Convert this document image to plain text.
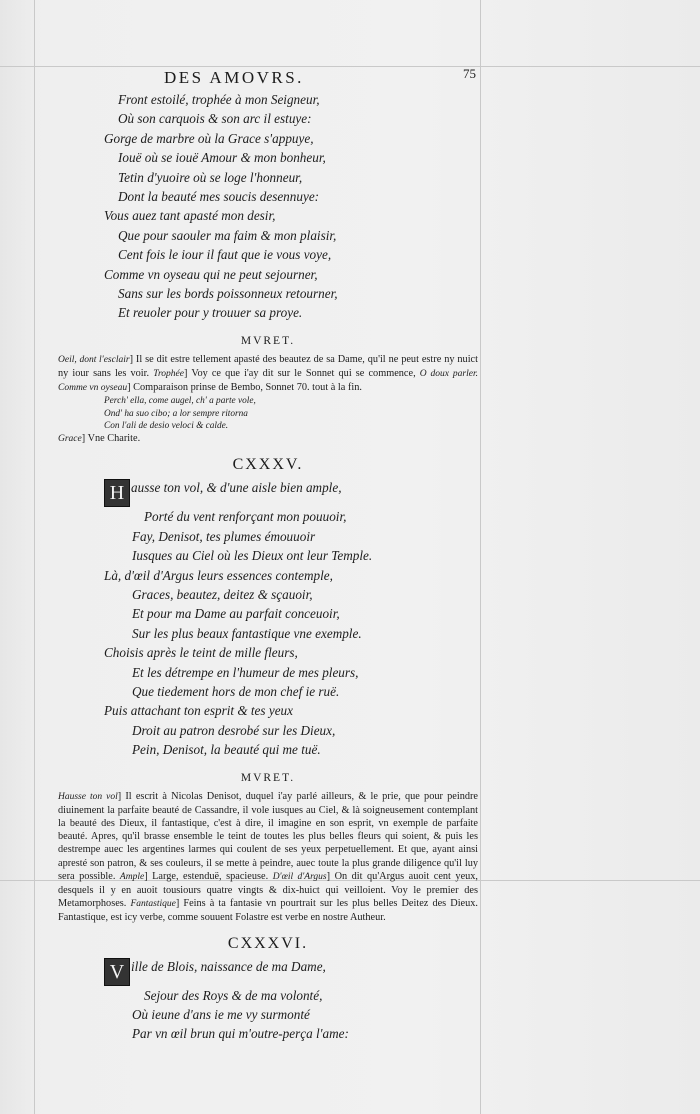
DES AMOVRS.	75
Front estoilé, trophée à mon Seigneur,
Où son carquois & son arc il estuye:
Gorge de marbre où la Grace s'appuye,
Iouë où se iouë Amour & mon bonheur,
Tetin d'yuoire où se loge l'honneur,
Dont la beauté mes soucis desennuye:
Vous auez tant apasté mon desir,
Que pour saouler ma faim & mon plaisir,
Cent fois le iour il faut que ie vous voye,
Comme vn oyseau qui ne peut sejourner,
Sans sur les bords poissonneux retourner,
Et reuoler pour y trouuer sa proye.
MVRET.
Oeil, dont l'esclair] Il se dit estre tellement apasté des beautez de sa Dame, qu'il ne peut estre ny nuict ny iour sans les voir. Trophée] Voy ce que i'ay dit sur le Sonnet qui se commence, O doux parler. Comme vn oyseau] Comparaison prinse de Bembo, Sonnet 70. tout à la fin.
Perch' ella, come augel, ch' a parte vole,
Ond' ha suo cibo; a lor sempre ritorna
Con l'ali de desio veloci & calde.
Grace] Vne Charite.
CXXXV.
H ausse ton vol, & d'une aisle bien ample,
Porté du vent renforçant mon pouuoir,
Fay, Denisot, tes plumes émouuoir
Iusques au Ciel où les Dieux ont leur Temple.
Là, d'œil d'Argus leurs essences contemple,
Graces, beautez, deitez & sçauoir,
Et pour ma Dame au parfait conceuoir,
Sur les plus beaux fantastique vne exemple.
Choisis après le teint de mille fleurs,
Et les détrempe en l'humeur de mes pleurs,
Que tiedement hors de mon chef ie ruë.
Puis attachant ton esprit & tes yeux
Droit au patron desrobé sur les Dieux,
Pein, Denisot, la beauté qui me tuë.
MVRET.
Hausse ton vol] Il escrit à Nicolas Denisot, duquel i'ay parlé ailleurs, & le prie, que pour peindre diuinement la parfaite beauté de Cassandre, il vole iusques au Ciel, & là soigneusement contemplant la beauté des Dieux, il fantastique, c'est à dire, il imagine en son esprit, vn exemple de parfaite beauté. Apres, qu'il brasse ensemble le teint de toutes les plus belles fleurs qui soient, & puis les destrempe auec les argentines larmes qui coulent de ses yeux perpetuellement. Et que, ayant ainsi apresté son patron, & ses couleurs, il se mette à peindre, auec toute la plus grande diligence qu'il luy sera possible. Ample] Large, estenduë, spacieuse. D'œil d'Argus] On dit qu'Argus auoit cent yeux, desquels il y en auoit tousiours quatre vingts & dix-huict qui veilloient. Voy le premier des Metamorphoses. Fantastique] Feins à ta fantasie vn pourtrait sur les plus belles Deitez des Dieux. Fantastique, est icy verbe, comme souuent Folastre est verbe en nostre Autheur.
CXXXVI.
V ille de Blois, naissance de ma Dame,
Sejour des Roys & de ma volonté,
Où ieune d'ans ie me vy surmonté
Par vn œil brun qui m'outre-perça l'ame:
